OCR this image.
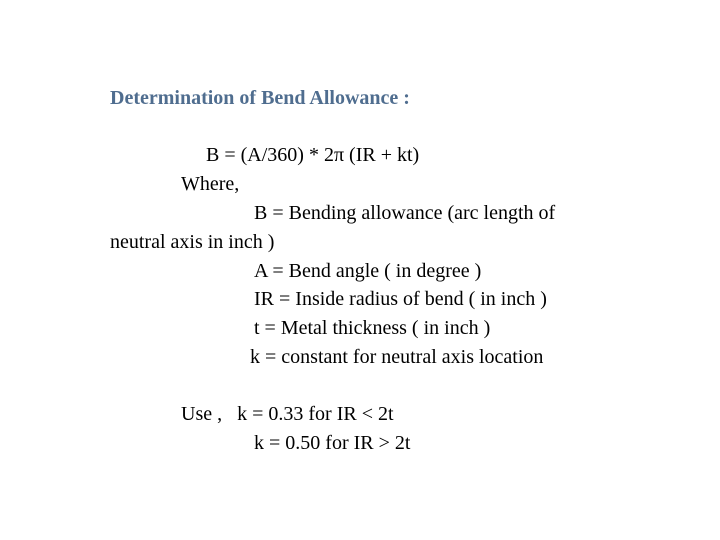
Determination of Bend Allowance :
B = (A/360) * 2π (IR + kt)
Where,
B = Bending allowance (arc length of
neutral axis in inch )
A = Bend angle ( in degree )
IR = Inside radius of bend ( in inch )
t = Metal thickness ( in inch )
k = constant for neutral axis location
Use ,   k = 0.33 for IR < 2t
k = 0.50 for IR > 2t
